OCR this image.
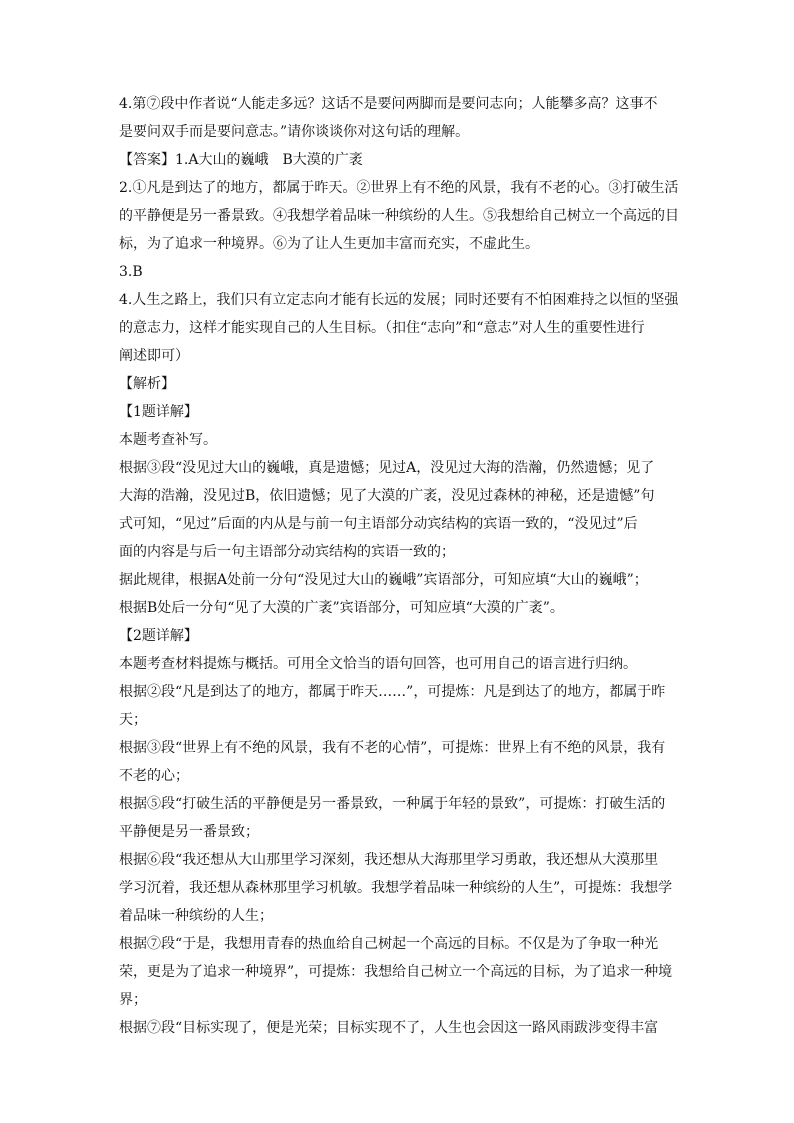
4.第⑦段中作者说“人能走多远？这话不是要问两脚而是要问志向；人能攀多高？这事不
是要问双手而是要问意志。”请你谈谈你对这句话的理解。
【答案】1.A大山的巍峨　B大漠的广袤
2.①凡是到达了的地方，都属于昨天。②世界上有不绝的风景，我有不老的心。③打破生活
的平静便是另一番景致。④我想学着品味一种缤纷的人生。⑤我想给自己树立一个高远的目
标，为了追求一种境界。⑥为了让人生更加丰富而充实，不虚此生。
3.B
4.人生之路上，我们只有立定志向才能有长远的发展；同时还要有不怕困难持之以恒的坚强
的意志力，这样才能实现自己的人生目标。（扣住“志向”和“意志”对人生的重要性进行
阐述即可）
【解析】
【1题详解】
本题考查补写。
根据③段“没见过大山的巍峨，真是遗憾；见过A，没见过大海的浩瀚，仍然遗憾；见了
大海的浩瀚，没见过B，依旧遗憾；见了大漠的广袤，没见过森林的神秘，还是遗憾”句
式可知，“见过”后面的内从是与前一句主语部分动宾结构的宾语一致的，“没见过”后
面的内容是与后一句主语部分动宾结构的宾语一致的；
据此规律，根据A处前一分句“没见过大山的巍峨”宾语部分，可知应填“大山的巍峨”；
根据B处后一分句“见了大漠的广袤”宾语部分，可知应填“大漠的广袤”。
【2题详解】
本题考查材料提炼与概括。可用全文恰当的语句回答，也可用自己的语言进行归纳。
根据②段“凡是到达了的地方，都属于昨天……”，可提炼：凡是到达了的地方，都属于昨
天；
根据③段“世界上有不绝的风景，我有不老的心情”，可提炼：世界上有不绝的风景，我有
不老的心；
根据⑤段“打破生活的平静便是另一番景致，一种属于年轻的景致”，可提炼：打破生活的
平静便是另一番景致；
根据⑥段“我还想从大山那里学习深刻，我还想从大海那里学习勇敢，我还想从大漠那里
学习沉着，我还想从森林那里学习机敏。我想学着品味一种缤纷的人生”，可提炼：我想学
着品味一种缤纷的人生；
根据⑦段“于是，我想用青春的热血给自己树起一个高远的目标。不仅是为了争取一种光
荣，更是为了追求一种境界”，可提炼：我想给自己树立一个高远的目标，为了追求一种境
界；
根据⑦段“目标实现了，便是光荣；目标实现不了，人生也会因这一路风雨跋涉变得丰富
